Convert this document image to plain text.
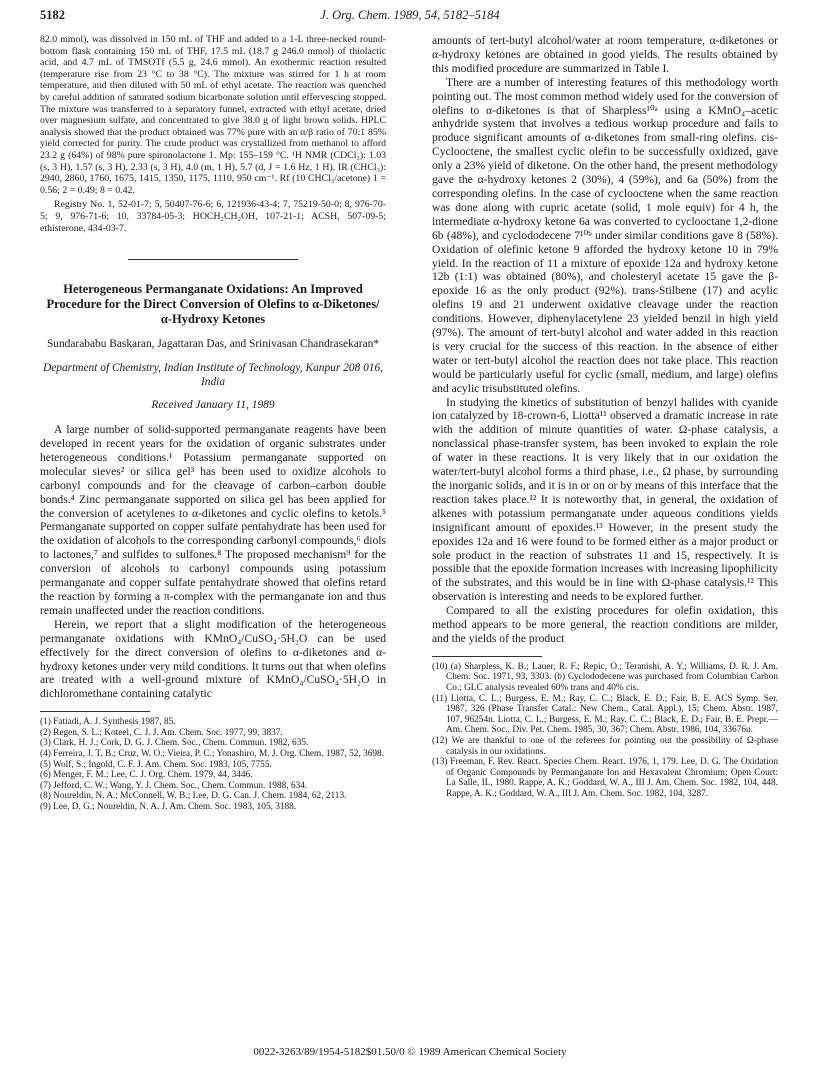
5182	J. Org. Chem. 1989, 54, 5182–5184

82.0 mmol), was dissolved in 150 mL of THF and added to a 1-L three-necked round-bottom flask containing 150 mL of THF, 17.5 mL (18.7 g 246.0 mmol) of thiolactic acid, and 4.7 mL of TMSOTf (5.5 g, 24.6 mmol). An exothermic reaction resulted (temperature rise from 23 °C to 38 °C). The mixture was stirred for 1 h at room temperature, and then diluted with 50 mL of ethyl acetate. The reaction was quenched by careful addition of saturated sodium bicarbonate solution until effervescing stopped. The mixture was transferred to a separatory funnel, extracted with ethyl acetate, dried over magnesium sulfate, and concentrated to give 38.0 g of light brown solids. HPLC analysis showed that the product obtained was 77% pure with an α/β ratio of 70:1 85% yield corrected for purity. The crude product was crystallized from methanol to afford 23.2 g (64%) of 98% pure spironolactone 1. Mp: 155–159 °C. ¹H NMR (CDCl₃): 1.03 (s, 3 H), 1.57 (s, 3 H), 2.33 (s, 3 H), 4.0 (m, 1 H), 5.7 (d, J = 1.6 Hz, 1 H). IR (CHCl₃): 2940, 2860, 1760, 1675, 1415, 1350, 1175, 1110, 950 cm⁻¹. Rf (10 CHCl₃/acetone) 1 = 0.56; 2 = 0.49; 8 = 0.42.

Registry No. 1, 52-01-7; 5, 50407-76-6; 6, 121936-43-4; 7, 75219-50-0; 8, 976-70-5; 9, 976-71-6; 10, 33784-05-3; HOCH₂CH₂OH, 107-21-1; ACSH, 507-09-5; ethisterone, 434-03-7.

Heterogeneous Permanganate Oxidations: An Improved Procedure for the Direct Conversion of Olefins to α-Diketones/α-Hydroxy Ketones
Sundarababu Baskaran, Jagattaran Das, and Srinivasan Chandrasekaran*
Department of Chemistry, Indian Institute of Technology, Kanpur 208 016, India
Received January 11, 1989

A large number of solid-supported permanganate reagents have been developed in recent years for the oxidation of organic substrates under heterogeneous conditions.¹ Potassium permanganate supported on molecular sieves² or silica gel³ has been used to oxidize alcohols to carbonyl compounds and for the cleavage of carbon–carbon double bonds.⁴ Zinc permanganate supported on silica gel has been applied for the conversion of acetylenes to α-diketones and cyclic olefins to ketols.⁵ Permanganate supported on copper sulfate pentahydrate has been used for the oxidation of alcohols to the corresponding carbonyl compounds,⁶ diols to lactones,⁷ and sulfides to sulfones.⁸ The proposed mechanism⁹ for the conversion of alcohols to carbonyl compounds using potassium permanganate and copper sulfate pentahydrate showed that olefins retard the reaction by forming a π-complex with the permanganate ion and thus remain unaffected under the reaction conditions.

Herein, we report that a slight modification of the heterogeneous permanganate oxidations with KMnO₄/CuSO₄·5H₂O can be used effectively for the direct conversion of olefins to α-diketones and α-hydroxy ketones under very mild conditions. It turns out that when olefins are treated with a well-ground mixture of KMnO₄/CuSO₄·5H₂O in dichloromethane containing catalytic

(1) Fatiadi, A. J. Synthesis 1987, 85.

(2) Regen, S. L.; Koteel, C. J. J. Am. Chem. Soc. 1977, 99, 3837.

(3) Clark, H. J.; Cork, D. G. J. Chem. Soc., Chem. Commun. 1982, 635.

(4) Ferreira, J. T. B.; Cruz, W. O.; Vieira, P. C.; Yonashiro, M. J. Org. Chem. 1987, 52, 3698.

(5) Wolf, S.; Ingold, C. F. J. Am. Chem. Soc. 1983, 105, 7755.

(6) Menger, F. M.; Lee, C. J. Org. Chem. 1979, 44, 3446.

(7) Jefford, C. W.; Wang, Y. J. Chem. Soc., Chem. Commun. 1988, 634.

(8) Noureldin, N. A.; McConnell, W. B.; Lee, D. G. Can. J. Chem. 1984, 62, 2113.

(9) Lee, D. G.; Noureldin, N. A. J. Am. Chem. Soc. 1983, 105, 3188.

amounts of tert-butyl alcohol/water at room temperature, α-diketones or α-hydroxy ketones are obtained in good yields. The results obtained by this modified procedure are summarized in Table I.

There are a number of interesting features of this methodology worth pointing out. The most common method widely used for the conversion of olefins to α-diketones is that of Sharpless¹⁰ᵃ using a KMnO₄–acetic anhydride system that involves a tedious workup procedure and fails to produce significant amounts of α-diketones from small-ring olefins. cis-Cyclooctene, the smallest cyclic olefin to be successfully oxidized, gave only a 23% yield of diketone. On the other hand, the present methodology gave the α-hydroxy ketones 2 (30%), 4 (59%), and 6a (50%) from the corresponding olefins. In the case of cyclooctene when the same reaction was done along with cupric acetate (solid, 1 mole equiv) for 4 h, the intermediate α-hydroxy ketone 6a was converted to cyclooctane 1,2-dione 6b (48%), and cyclododecene 7¹⁰ᵇ under similar conditions gave 8 (58%). Oxidation of olefinic ketone 9 afforded the hydroxy ketone 10 in 79% yield. In the reaction of 11 a mixture of epoxide 12a and hydroxy ketone 12b (1:1) was obtained (80%), and cholesteryl acetate 15 gave the β-epoxide 16 as the only product (92%). trans-Stilbene (17) and acylic olefins 19 and 21 underwent oxidative cleavage under the reaction conditions. However, diphenylacetylene 23 yielded benzil in high yield (97%). The amount of tert-butyl alcohol and water added in this reaction is very crucial for the success of this reaction. In the absence of either water or tert-butyl alcohol the reaction does not take place. This reaction would be particularly useful for cyclic (small, medium, and large) olefins and acylic trisubstituted olefins.

In studying the kinetics of substitution of benzyl halides with cyanide ion catalyzed by 18-crown-6, Liotta¹¹ observed a dramatic increase in rate with the addition of minute quantities of water. Ω-phase catalysis, a nonclassical phase-transfer system, has been invoked to explain the role of water in these reactions. It is very likely that in our oxidation the water/tert-butyl alcohol forms a third phase, i.e., Ω phase, by surrounding the inorganic solids, and it is in or on or by means of this interface that the reaction takes place.¹² It is noteworthy that, in general, the oxidation of alkenes with potassium permanganate under aqueous conditions yields insignificant amount of epoxides.¹³ However, in the present study the epoxides 12a and 16 were found to be formed either as a major product or sole product in the reaction of substrates 11 and 15, respectively. It is possible that the epoxide formation increases with increasing lipophilicity of the substrates, and this would be in line with Ω-phase catalysis.¹² This observation is interesting and needs to be explored further.

Compared to all the existing procedures for olefin oxidation, this method appears to be more general, the reaction conditions are milder, and the yields of the product

(10) (a) Sharpless, K. B.; Lauer, R. F.; Repic, O.; Teranishi, A. Y.; Williams, D. R. J. Am. Chem. Soc. 1971, 93, 3303. (b) Cyclododecene was purchased from Columbian Carbon Co.; GLC analysis revealed 60% trans and 40% cis.

(11) Liotta, C. L.; Burgess, E. M.; Ray, C. C.; Black, E. D.; Fair, B. E. ACS Symp. Ser. 1987, 326 (Phase Transfer Catal.: New Chem., Catal. Appl.), 15; Chem. Abstr. 1987, 107, 96254n. Liotta, C. L.; Burgess, E. M.; Ray, C. C.; Black, E. D.; Fair, B. E. Prepr.—Am. Chem. Soc., Div. Pet. Chem. 1985, 30, 367; Chem. Abstr. 1986, 104, 33676u.

(12) We are thankful to one of the referees for pointing out the possibility of Ω-phase catalysis in our oxidations.

(13) Freeman, F. Rev. React. Species Chem. React. 1976, 1, 179. Lee, D. G. The Oxidation of Organic Compounds by Permanganate Ion and Hexavalent Chromium; Open Court: La Salle, IL, 1980. Rappe, A. K.; Goddard, W. A., III J. Am. Chem. Soc. 1982, 104, 448. Rappe, A. K.; Goddard, W. A., III J. Am. Chem. Soc. 1982, 104, 3287.

0022-3263/89/1954-5182$01.50/0 © 1989 American Chemical Society
